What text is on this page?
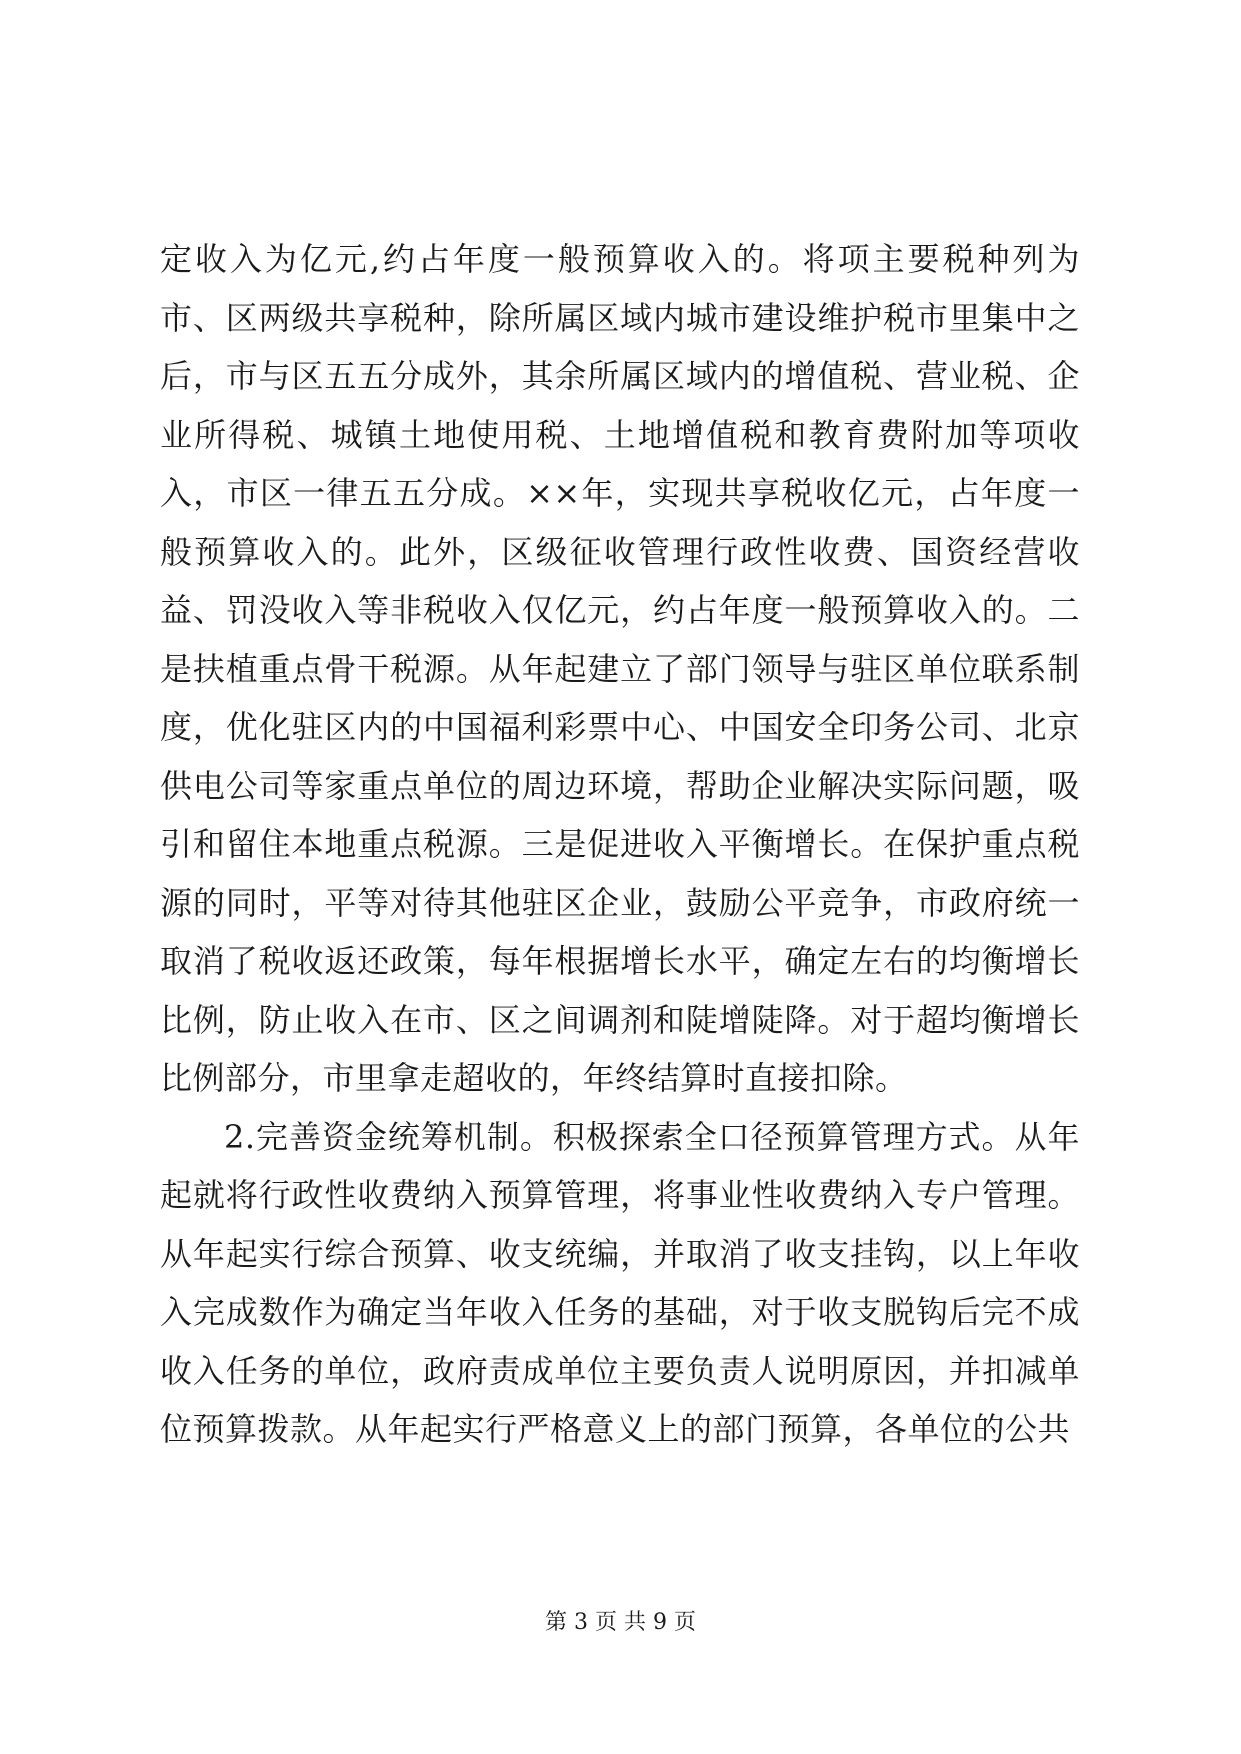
定收入为亿元,约占年度一般预算收入的。将项主要税种列为市、区两级共享税种，除所属区域内城市建设维护税市里集中之后，市与区五五分成外，其余所属区域内的增值税、营业税、企业所得税、城镇土地使用税、土地增值税和教育费附加等项收入，市区一律五五分成。××年，实现共享税收亿元，占年度一般预算收入的。此外，区级征收管理行政性收费、国资经营收益、罚没收入等非税收入仅亿元，约占年度一般预算收入的。二是扶植重点骨干税源。从年起建立了部门领导与驻区单位联系制度，优化驻区内的中国福利彩票中心、中国安全印务公司、北京供电公司等家重点单位的周边环境，帮助企业解决实际问题，吸引和留住本地重点税源。三是促进收入平衡增长。在保护重点税源的同时，平等对待其他驻区企业，鼓励公平竞争，市政府统一取消了税收返还政策，每年根据增长水平，确定左右的均衡增长比例，防止收入在市、区之间调剂和陡增陡降。对于超均衡增长比例部分，市里拿走超收的，年终结算时直接扣除。

2.完善资金统筹机制。积极探索全口径预算管理方式。从年起就将行政性收费纳入预算管理，将事业性收费纳入专户管理。从年起实行综合预算、收支统编，并取消了收支挂钩，以上年收入完成数作为确定当年收入任务的基础，对于收支脱钩后完不成收入任务的单位，政府责成单位主要负责人说明原因，并扣减单位预算拨款。从年起实行严格意义上的部门预算，各单位的公共

第 3 页 共 9 页
